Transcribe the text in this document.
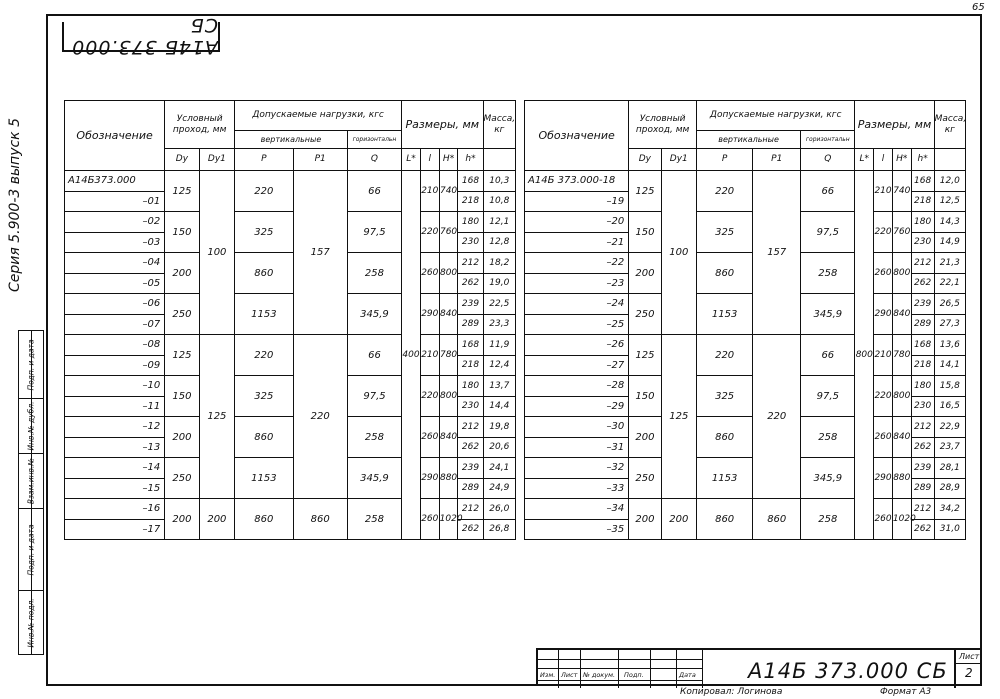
65
А14Б 373.000 СБ
Серия 5.900-3 выпуск 5
Подп. и дата
Инв.№ дубл.
Взам.инв.№
Подп. и дата
Инв.№ подл.
Обозначение	Условный проход, мм		Допускаемые нагрузки, кгс			Размеры, мм				Масса, кг
			вертикальные		горизонтальн					
	Dу	Dу1	P	P1	Q	L*	l	H*	h*	
А14Б373.000	125	100	220	157	66	400	210	740	168	10,3
–01									218	10,8
–02	150		325		97,5		220	760	180	12,1
–03									230	12,8
–04	200		860		258		260	800	212	18,2
–05									262	19,0
–06	250		1153		345,9		290	840	239	22,5
–07									289	23,3
–08	125	125	220	220	66		210	780	168	11,9
–09									218	12,4
–10	150		325		97,5		220	800	180	13,7
–11									230	14,4
–12	200		860		258		260	840	212	19,8
–13									262	20,6
–14	250		1153		345,9		290	880	239	24,1
–15									289	24,9
–16	200	200	860	860	258		260	1020	212	26,0
–17									262	26,8
Обозначение	Условный проход, мм		Допускаемые нагрузки, кгс			Размеры, мм				Масса, кг
			вертикальные		горизонтальн					
	Dу	Dу1	P	P1	Q	L*	l	H*	h*	
А14Б 373.000-18	125	100	220	157	66	800	210	740	168	12,0
–19									218	12,5
–20	150		325		97,5		220	760	180	14,3
–21									230	14,9
–22	200		860		258		260	800	212	21,3
–23									262	22,1
–24	250		1153		345,9		290	840	239	26,5
–25									289	27,3
–26	125	125	220	220	66		210	780	168	13,6
–27									218	14,1
–28	150		325		97,5		220	800	180	15,8
–29									230	16,5
–30	200		860		258		260	840	212	22,9
–31									262	23,7
–32	250		1153		345,9		290	880	239	28,1
–33									289	28,9
–34	200	200	860	860	258		260	1020	212	34,2
–35									262	31,0
Изм. Лист № докум. Подп.	Дата А14Б 373.000 СБ
Лист
2
Копировал: Логинова	Формат А3
